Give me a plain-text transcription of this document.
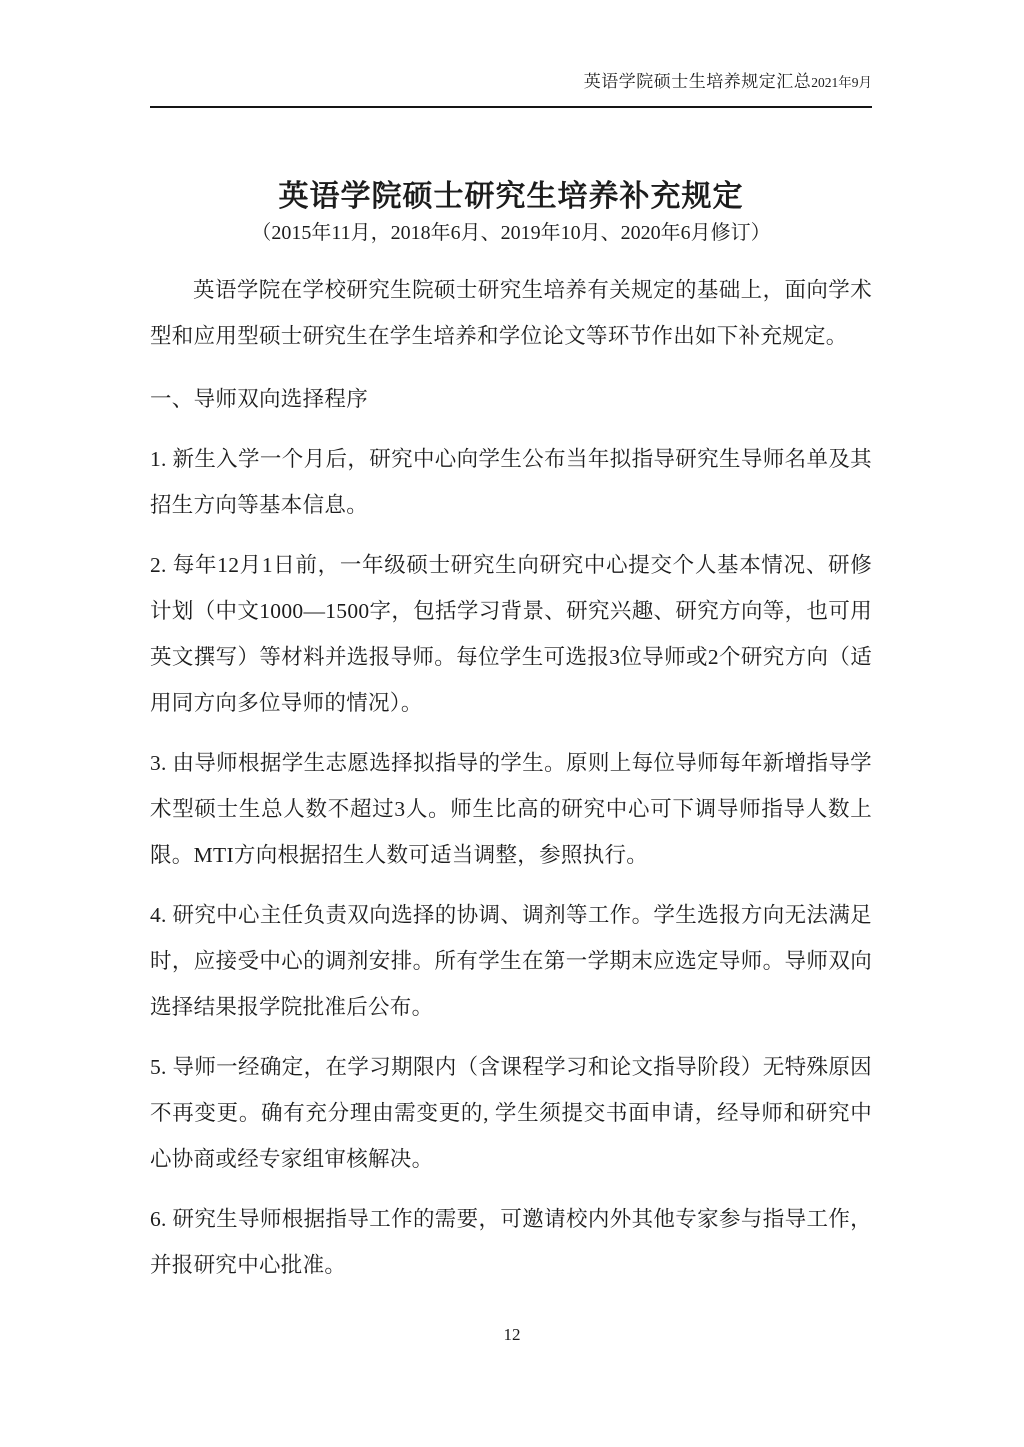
英语学院硕士生培养规定汇总2021年9月
英语学院硕士研究生培养补充规定
（2015年11月，2018年6月、2019年10月、2020年6月修订）

英语学院在学校研究生院硕士研究生培养有关规定的基础上，面向学术型和应用型硕士研究生在学生培养和学位论文等环节作出如下补充规定。

一、导师双向选择程序

1. 新生入学一个月后，研究中心向学生公布当年拟指导研究生导师名单及其招生方向等基本信息。

2. 每年12月1日前，一年级硕士研究生向研究中心提交个人基本情况、研修计划（中文1000—1500字，包括学习背景、研究兴趣、研究方向等，也可用英文撰写）等材料并选报导师。每位学生可选报3位导师或2个研究方向（适用同方向多位导师的情况）。

3. 由导师根据学生志愿选择拟指导的学生。原则上每位导师每年新增指导学术型硕士生总人数不超过3人。师生比高的研究中心可下调导师指导人数上限。MTI方向根据招生人数可适当调整，参照执行。

4. 研究中心主任负责双向选择的协调、调剂等工作。学生选报方向无法满足时，应接受中心的调剂安排。所有学生在第一学期末应选定导师。导师双向选择结果报学院批准后公布。

5. 导师一经确定，在学习期限内（含课程学习和论文指导阶段）无特殊原因不再变更。确有充分理由需变更的, 学生须提交书面申请，经导师和研究中心协商或经专家组审核解决。

6. 研究生导师根据指导工作的需要，可邀请校内外其他专家参与指导工作，并报研究中心批准。

12
